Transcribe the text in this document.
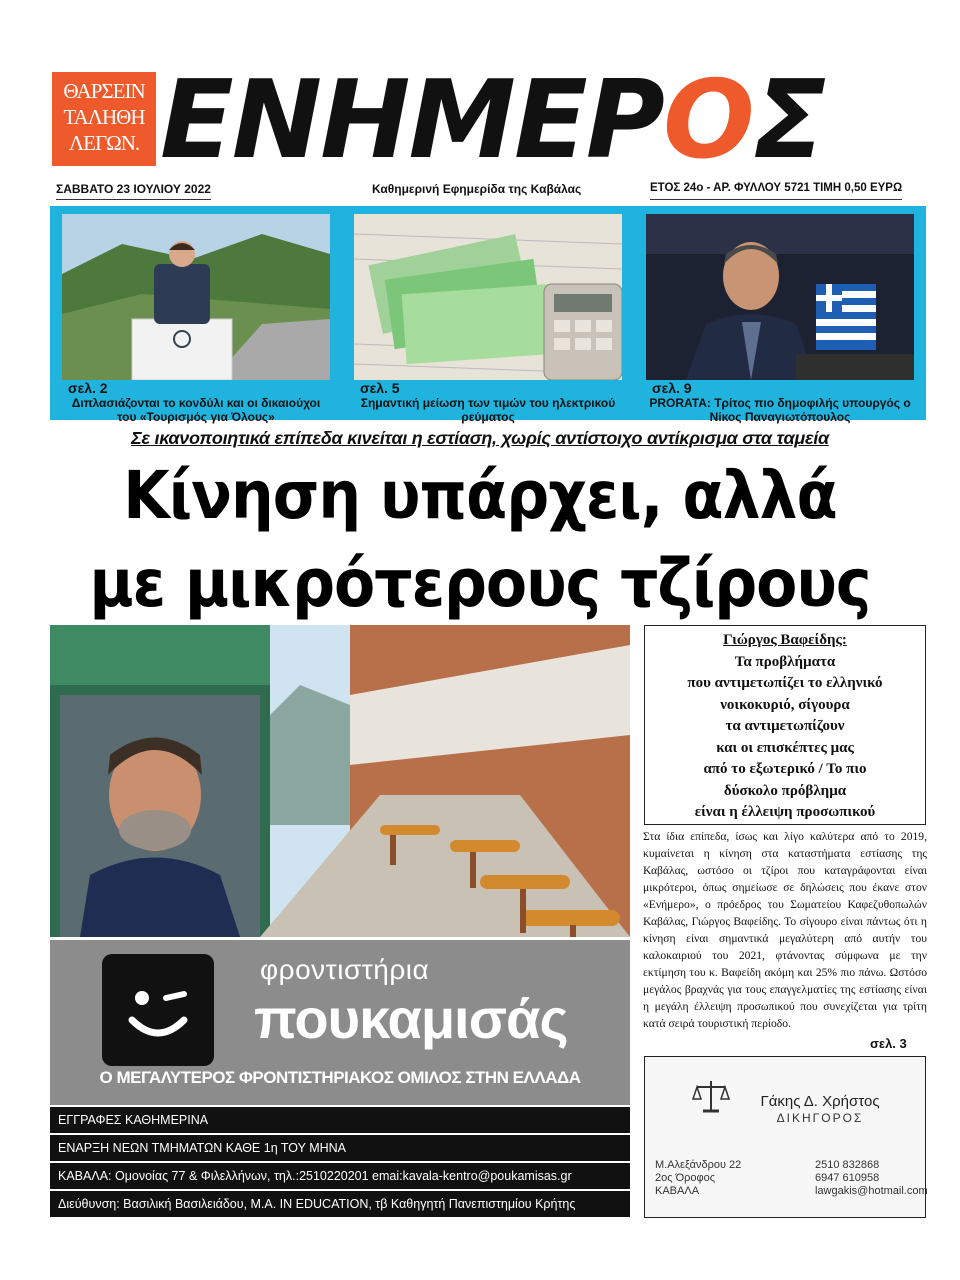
ΘΑΡΣΕΙΝ
ΤΑΛΗΘΗ
ΛΕΓΩΝ. ΕΝΗΜΕΡΟΣ
ΣΑΒΒΑΤΟ 23 ΙΟΥΛΙΟΥ 2022	Καθημερινή Εφημερίδα της Καβάλας	ΕΤΟΣ 24ο - ΑΡ. ΦΥΛΛΟΥ 5721 ΤΙΜΗ 0,50 ΕΥΡΩ
σελ. 2
Διπλασιάζονται το κονδύλι και οι δικαιούχοι του «Τουρισμός για Όλους»
σελ. 5
Σημαντική μείωση των τιμών του ηλεκτρικού ρεύματος
σελ. 9
PRORATA: Τρίτος πιο δημοφιλής υπουργός ο Νίκος Παναγιωτόπουλος
Σε ικανοποιητικά επίπεδα κινείται η εστίαση, χωρίς αντίστοιχο αντίκρισμα στα ταμεία
Κίνηση υπάρχει, αλλά
με μικρότερους τζίρους
φροντιστήρια
πουκαμισάς
Ο ΜΕΓΑΛΥΤΕΡΟΣ ΦΡΟΝΤΙΣΤΗΡΙΑΚΟΣ ΟΜΙΛΟΣ ΣΤΗΝ ΕΛΛΑΔΑ
ΕΓΓΡΑΦΕΣ ΚΑΘΗΜΕΡΙΝΑ
ΕΝΑΡΞΗ ΝΕΩΝ ΤΜΗΜΑΤΩΝ ΚΑΘΕ 1η ΤΟΥ ΜΗΝΑ
ΚΑΒΑΛΑ: Ομονοίας 77 & Φιλελλήνων, τηλ.:2510220201 emai:kavala-kentro@poukamisas.gr
Διεύθυνση: Βασιλική Βασιλειάδου, Μ.Α. IN EDUCATION, τβ Καθηγητή Πανεπιστημίου Κρήτης
Γιώργος Βαφείδης:
Τα προβλήματα
που αντιμετωπίζει το ελληνικό
νοικοκυριό, σίγουρα
τα αντιμετωπίζουν
και οι επισκέπτες μας
από το εξωτερικό / Το πιο
δύσκολο πρόβλημα
είναι η έλλειψη προσωπικού
Στα ίδια επίπεδα, ίσως και λίγο καλύτερα από το 2019, κυμαίνεται η κίνηση στα καταστήματα εστίασης της Καβάλας, ωστόσο οι τζίροι που καταγράφονται είναι μικρότεροι, όπως σημείωσε σε δηλώσεις που έκανε στον «Ενήμερο», ο πρόεδρος του Σωματείου Καφεζυθοπωλών Καβάλας, Γιώργος Βαφείδης. Το σίγουρο είναι πάντως ότι η κίνηση είναι σημαντικά μεγαλύτερη από αυτήν του καλοκαιριού του 2021, φτάνοντας σύμφωνα με την εκτίμηση του κ. Βαφείδη ακόμη και 25% πιο πάνω. Ωστόσο μεγάλος βραχνάς για τους επαγγελματίες της εστίασης είναι η μεγάλη έλλειψη προσωπικού που συνεχίζεται για τρίτη κατά σειρά τουριστική περίοδο.
σελ. 3
Γάκης Δ. Χρήστος
ΔΙΚΗΓΟΡΟΣ
Μ.Αλεξάνδρου 22
2ος Όροφος
ΚΑΒΑΛΑ
2510 832868
6947 610958
lawgakis@hotmail.com
